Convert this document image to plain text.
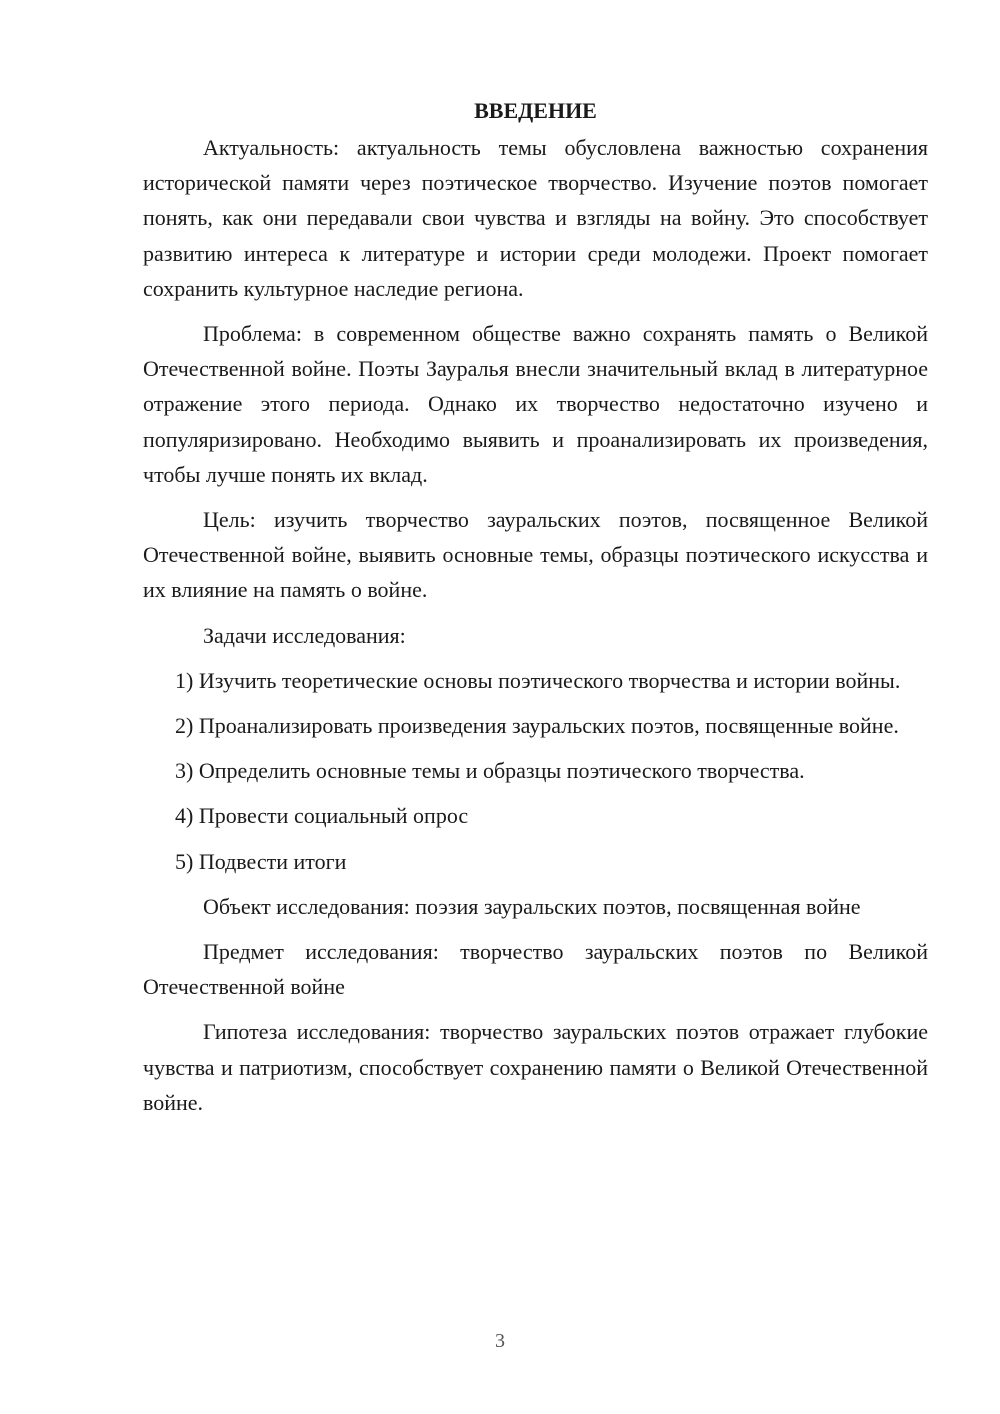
ВВЕДЕНИЕ

Актуальность: актуальность темы обусловлена важностью сохранения исторической памяти через поэтическое творчество. Изучение поэтов помогает понять, как они передавали свои чувства и взгляды на войну. Это способствует развитию интереса к литературе и истории среди молодежи. Проект помогает сохранить культурное наследие региона.

Проблема: в современном обществе важно сохранять память о Великой Отечественной войне. Поэты Зауралья внесли значительный вклад в литературное отражение этого периода. Однако их творчество недостаточно изучено и популяризировано. Необходимо выявить и проанализировать их произведения, чтобы лучше понять их вклад.

Цель: изучить творчество зауральских поэтов, посвященное Великой Отечественной войне, выявить основные темы, образцы поэтического искусства и их влияние на память о войне.

Задачи исследования:

1) Изучить теоретические основы поэтического творчества и истории войны.

2) Проанализировать произведения зауральских поэтов, посвященные войне.

3) Определить основные темы и образцы поэтического творчества.

4) Провести социальный опрос

5) Подвести итоги

Объект исследования: поэзия зауральских поэтов, посвященная войне

Предмет исследования: творчество зауральских поэтов по Великой Отечественной войне

Гипотеза исследования: творчество зауральских поэтов отражает глубокие чувства и патриотизм, способствует сохранению памяти о Великой Отечественной войне.

3
